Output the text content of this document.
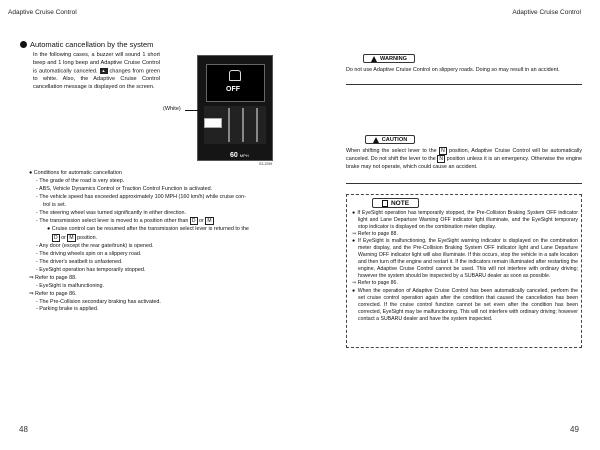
Adaptive Cruise Control	Adaptive Cruise Control
Automatic cancellation by the system
In the following cases, a buzzer will sound 1 short beep and 1 long beep and Adaptive Cruise Control is automatically canceled. ▲ changes from green to white. Also, the Adaptive Cruise Control cancellation message is displayed on the screen.	OFF
60 MPH
(White)
S3-2259

● Conditions for automatic cancellation

- The grade of the road is very steep.

- ABS, Vehicle Dynamics Control or Traction Control Function is activated.

- The vehicle speed has exceeded approximately 100 MPH (160 km/h) while cruise con-

trol is set.

- The steering wheel was turned significantly in either direction.

- The transmission select lever is moved to a position other than D or M

● Cruise control can be resumed after the transmission select lever is returned to the

D or M position.

- Any door (except the rear gate/trunk) is opened.

- The driving wheels spin on a slippery road.

- The driver's seatbelt is unfastened.

- EyeSight operation has temporarily stopped.

⇒ Refer to page 88.

- EyeSight is malfunctioning.

⇒ Refer to page 86.

- The Pre-Collision secondary braking has activated.

- Parking brake is applied.

WARNING
Do not use Adaptive Cruise Control on slippery roads. Doing so may result in an accident.
CAUTION
When shifting the select lever to the N position, Adaptive Cruise Control will be automatically canceled. Do not shift the lever to the N position unless it is an emergency. Otherwise the engine brake may not operate, which could cause an accident.
NOTE

● If EyeSight operation has temporarily stopped, the Pre-Collision Braking System OFF indicator light and Lane Departure Warning OFF indicator light illuminate, and the EyeSight temporary stop indicator is displayed on the combination meter display.

⇒ Refer to page 88.

● If EyeSight is malfunctioning, the EyeSight warning indicator is displayed on the combination meter display, and the Pre-Collision Braking System OFF indicator light and Lane Departure Warning OFF indicator light will also illuminate. If this occurs, stop the vehicle in a safe location and then turn off the engine and restart it. If the indicators remain illuminated after restarting the engine, Adaptive Cruise Control cannot be used. This will not interfere with ordinary driving; however the system should be inspected by a SUBARU dealer as soon as possible.

⇒ Refer to page 86.

● When the operation of Adaptive Cruise Control has been automatically canceled, perform the set cruise control operation again after the condition that caused the cancellation has been corrected. If the cruise control function cannot be set even after the condition has been corrected, EyeSight may be malfunctioning. This will not interfere with ordinary driving; however contact a SUBARU dealer and have the system inspected.

48	49
